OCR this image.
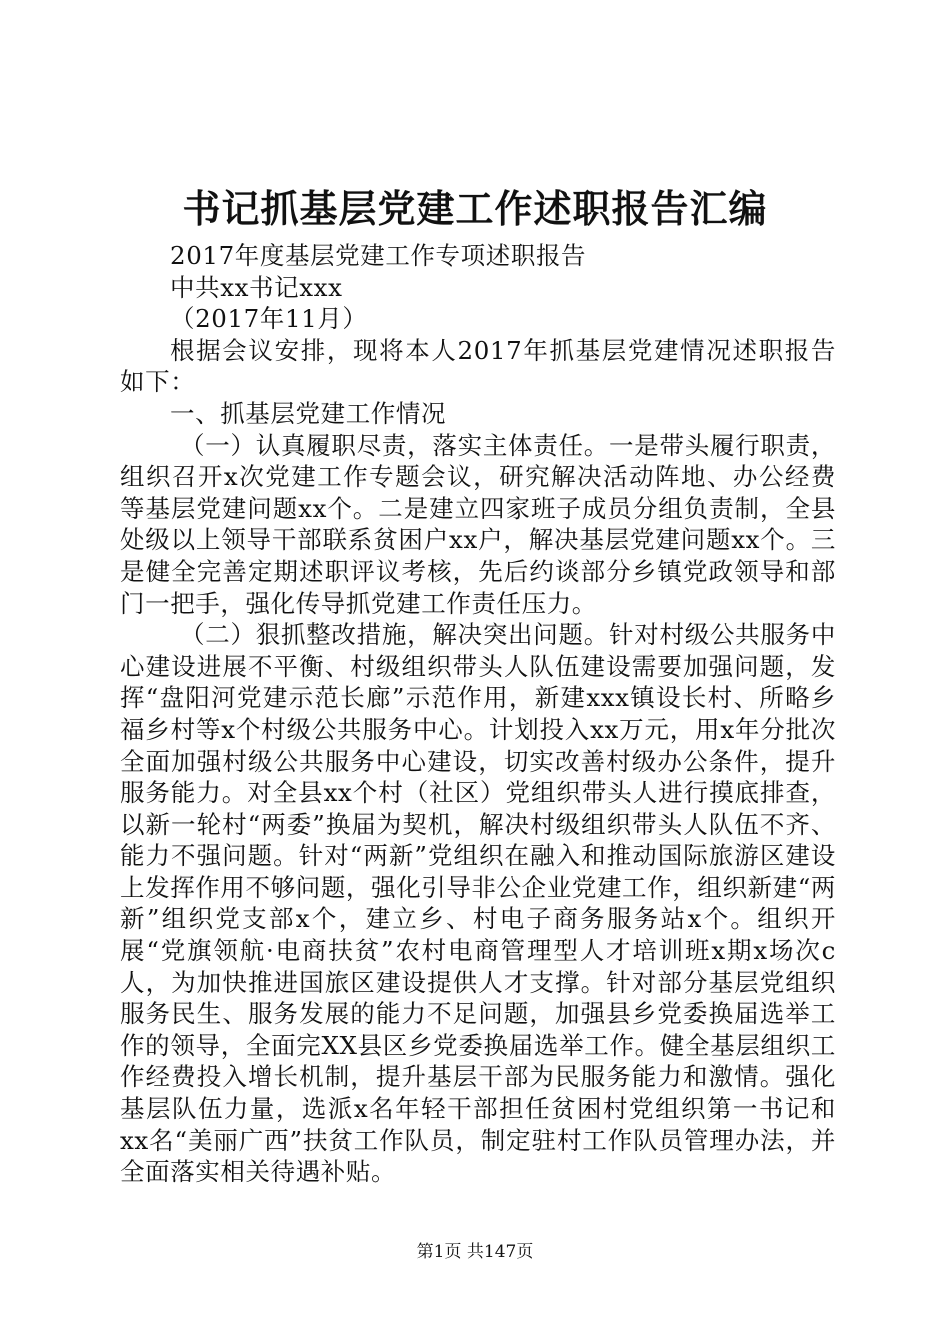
书记抓基层党建工作述职报告汇编

2017年度基层党建工作专项述职报告

中共xx书记xxx

（2017年11月）

根据会议安排，现将本人2017年抓基层党建情况述职报告如下：

一、抓基层党建工作情况

（一）认真履职尽责，落实主体责任。一是带头履行职责，组织召开x次党建工作专题会议，研究解决活动阵地、办公经费等基层党建问题xx个。二是建立四家班子成员分组负责制，全县处级以上领导干部联系贫困户xx户，解决基层党建问题xx个。三是健全完善定期述职评议考核，先后约谈部分乡镇党政领导和部门一把手，强化传导抓党建工作责任压力。

（二）狠抓整改措施，解决突出问题。针对村级公共服务中心建设进展不平衡、村级组织带头人队伍建设需要加强问题，发挥“盘阳河党建示范长廊”示范作用，新建xxx镇设长村、所略乡福乡村等x个村级公共服务中心。计划投入xx万元，用x年分批次全面加强村级公共服务中心建设，切实改善村级办公条件，提升服务能力。对全县xx个村（社区）党组织带头人进行摸底排查，以新一轮村“两委”换届为契机，解决村级组织带头人队伍不齐、能力不强问题。针对“两新”党组织在融入和推动国际旅游区建设上发挥作用不够问题，强化引导非公企业党建工作，组织新建“两新”组织党支部x个，建立乡、村电子商务服务站x个。组织开展“党旗领航·电商扶贫”农村电商管理型人才培训班x期x场次c人，为加快推进国旅区建设提供人才支撑。针对部分基层党组织服务民生、服务发展的能力不足问题，加强县乡党委换届选举工作的领导，全面完XX县区乡党委换届选举工作。健全基层组织工作经费投入增长机制，提升基层干部为民服务能力和激情。强化基层队伍力量，选派x名年轻干部担任贫困村党组织第一书记和xx名“美丽广西”扶贫工作队员，制定驻村工作队员管理办法，并全面落实相关待遇补贴。

第1页 共147页
